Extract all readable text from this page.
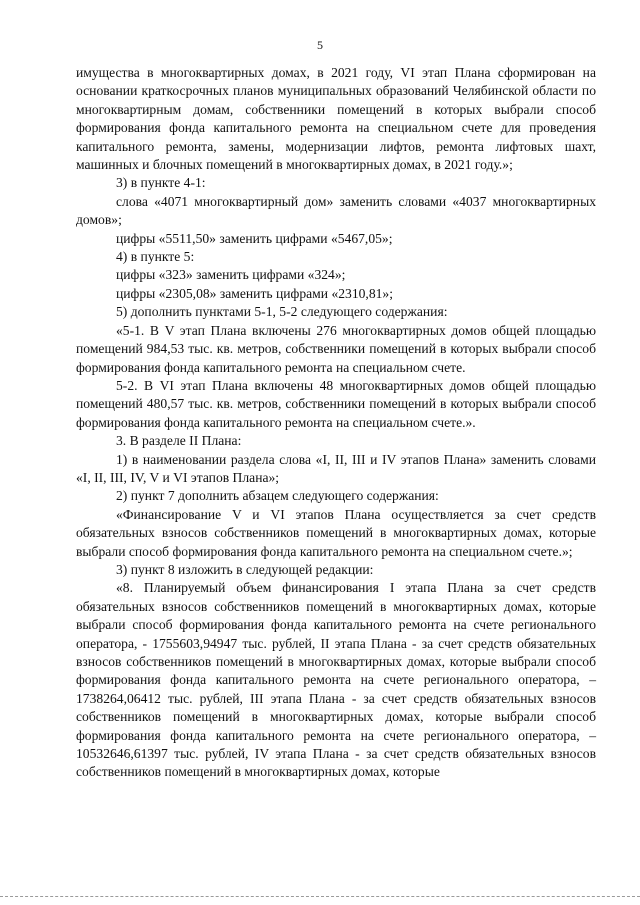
5

имущества в многоквартирных домах, в 2021 году, VI этап Плана сформирован на основании краткосрочных планов муниципальных образований Челябинской области по многоквартирным домам, собственники помещений в которых выбрали способ формирования фонда капитального ремонта на специальном счете для проведения капитального ремонта, замены, модернизации лифтов, ремонта лифтовых шахт, машинных и блочных помещений в многоквартирных домах, в 2021 году.»;

3) в пункте 4-1:

слова «4071 многоквартирный дом» заменить словами «4037 многоквартирных домов»;

цифры «5511,50» заменить цифрами «5467,05»;

4) в пункте 5:

цифры «323» заменить цифрами «324»;

цифры «2305,08» заменить цифрами «2310,81»;

5) дополнить пунктами 5-1, 5-2 следующего содержания:

«5-1. В V этап Плана включены 276 многоквартирных домов общей площадью помещений 984,53 тыс. кв. метров, собственники помещений в которых выбрали способ формирования фонда капитального ремонта на специальном счете.

5-2. В VI этап Плана включены 48 многоквартирных домов общей площадью помещений 480,57 тыс. кв. метров, собственники помещений в которых выбрали способ формирования фонда капитального ремонта на специальном счете.».

3. В разделе II Плана:

1) в наименовании раздела слова «I, II, III и IV этапов Плана» заменить словами «I, II, III, IV, V и VI этапов Плана»;

2) пункт 7 дополнить абзацем следующего содержания:

«Финансирование V и VI этапов Плана осуществляется за счет средств обязательных взносов собственников помещений в многоквартирных домах, которые выбрали способ формирования фонда капитального ремонта на специальном счете.»;

3) пункт 8 изложить в следующей редакции:

«8. Планируемый объем финансирования I этапа Плана за счет средств обязательных взносов собственников помещений в многоквартирных домах, которые выбрали способ формирования фонда капитального ремонта на счете регионального оператора, - 1755603,94947 тыс. рублей, II этапа Плана - за счет средств обязательных взносов собственников помещений в многоквартирных домах, которые выбрали способ формирования фонда капитального ремонта на счете регионального оператора, – 1738264,06412 тыс. рублей, III этапа Плана - за счет средств обязательных взносов собственников помещений в многоквартирных домах, которые выбрали способ формирования фонда капитального ремонта на счете регионального оператора, – 10532646,61397 тыс. рублей, IV этапа Плана - за счет средств обязательных взносов собственников помещений в многоквартирных домах, которые
